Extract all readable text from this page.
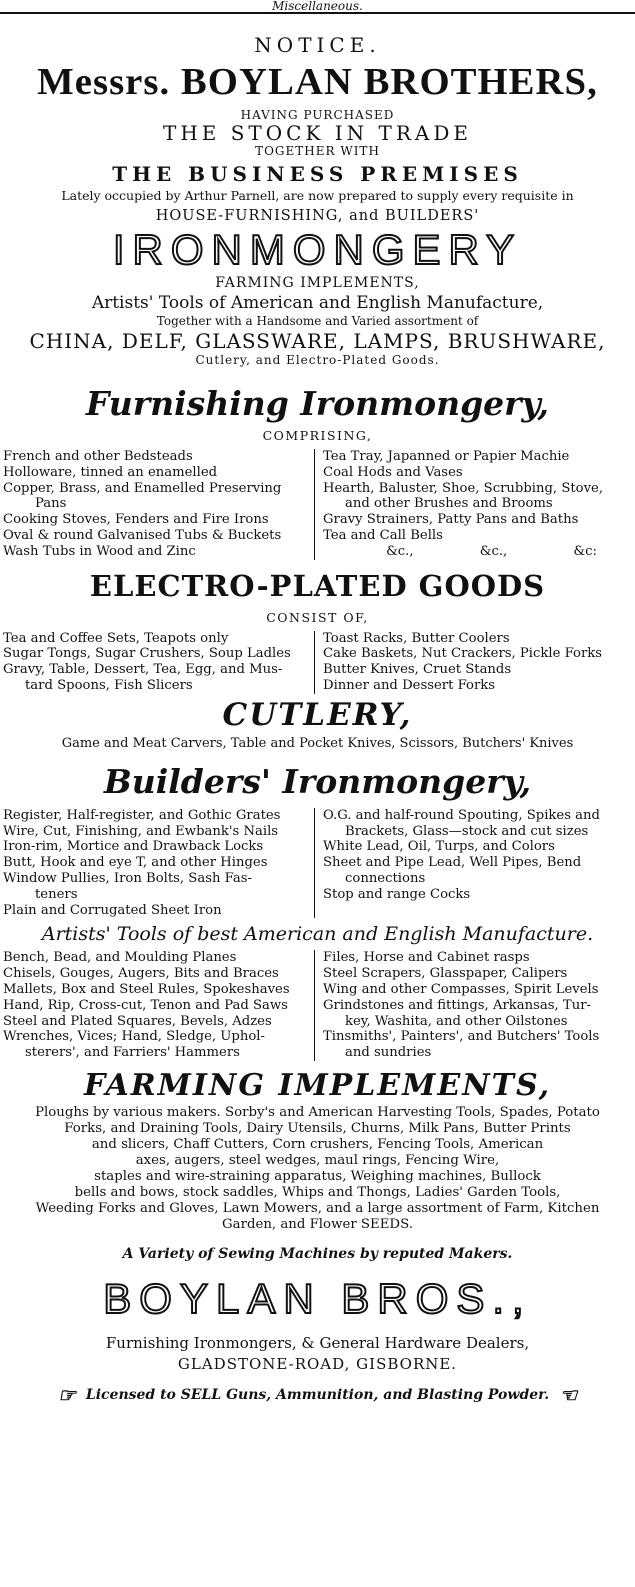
Miscellaneous.
NOTICE.
Messrs. BOYLAN BROTHERS,
HAVING PURCHASED
THE STOCK IN TRADE
TOGETHER WITH
THE BUSINESS PREMISES
Lately occupied by Arthur Parnell, are now prepared to supply every requisite in
HOUSE-FURNISHING, and BUILDERS'
IRONMONGERY
FARMING IMPLEMENTS,
Artists' Tools of American and English Manufacture,
Together with a Handsome and Varied assortment of
CHINA, DELF, GLASSWARE, LAMPS, BRUSHWARE,
Cutlery, and Electro-Plated Goods.
Furnishing Ironmongery,
COMPRISING,
French and other Bedsteads
Holloware, tinned an enamelled
Copper, Brass, and Enamelled Preserving
Pans
Cooking Stoves, Fenders and Fire Irons
Oval & round Galvanised Tubs & Buckets
Wash Tubs in Wood and Zinc
Tea Tray, Japanned or Papier Machie
Coal Hods and Vases
Hearth, Baluster, Shoe, Scrubbing, Stove,
and other Brushes and Brooms
Gravy Strainers, Patty Pans and Baths
Tea and Call Bells
&c.,	&c.,	&c:
ELECTRO-PLATED GOODS
CONSIST OF,
Tea and Coffee Sets, Teapots only
Sugar Tongs, Sugar Crushers, Soup Ladles
Gravy, Table, Dessert, Tea, Egg, and Mus-
tard Spoons, Fish Slicers
Toast Racks, Butter Coolers
Cake Baskets, Nut Crackers, Pickle Forks
Butter Knives, Cruet Stands
Dinner and Dessert Forks
CUTLERY,
Game and Meat Carvers, Table and Pocket Knives, Scissors, Butchers' Knives
Builders' Ironmongery,
Register, Half-register, and Gothic Grates
Wire, Cut, Finishing, and Ewbank's Nails
Iron-rim, Mortice and Drawback Locks
Butt, Hook and eye T, and other Hinges
Window Pullies, Iron Bolts, Sash Fas-
teners
Plain and Corrugated Sheet Iron
O.G. and half-round Spouting, Spikes and
Brackets, Glass—stock and cut sizes
White Lead, Oil, Turps, and Colors
Sheet and Pipe Lead, Well Pipes, Bend
connections
Stop and range Cocks
Artists' Tools of best American and English Manufacture.
Bench, Bead, and Moulding Planes
Chisels, Gouges, Augers, Bits and Braces
Mallets, Box and Steel Rules, Spokeshaves
Hand, Rip, Cross-cut, Tenon and Pad Saws
Steel and Plated Squares, Bevels, Adzes
Wrenches, Vices; Hand, Sledge, Uphol-
sterers', and Farriers' Hammers
Files, Horse and Cabinet rasps
Steel Scrapers, Glasspaper, Calipers
Wing and other Compasses, Spirit Levels
Grindstones and fittings, Arkansas, Tur-
key, Washita, and other Oilstones
Tinsmiths', Painters', and Butchers' Tools
and sundries
FARMING IMPLEMENTS,
Ploughs by various makers. Sorby's and American Harvesting Tools, Spades, Potato
Forks, and Draining Tools, Dairy Utensils, Churns, Milk Pans, Butter Prints
and slicers, Chaff Cutters, Corn crushers, Fencing Tools, American
axes, augers, steel wedges, maul rings, Fencing Wire,
staples and wire-straining apparatus, Weighing machines, Bullock
bells and bows, stock saddles, Whips and Thongs, Ladies' Garden Tools,
Weeding Forks and Gloves, Lawn Mowers, and a large assortment of Farm, Kitchen
Garden, and Flower SEEDS.
A Variety of Sewing Machines by reputed Makers.
BOYLAN BROS.,
Furnishing Ironmongers, & General Hardware Dealers,
GLADSTONE-ROAD, GISBORNE.
☞ Licensed to SELL Guns, Ammunition, and Blasting Powder. ☜
